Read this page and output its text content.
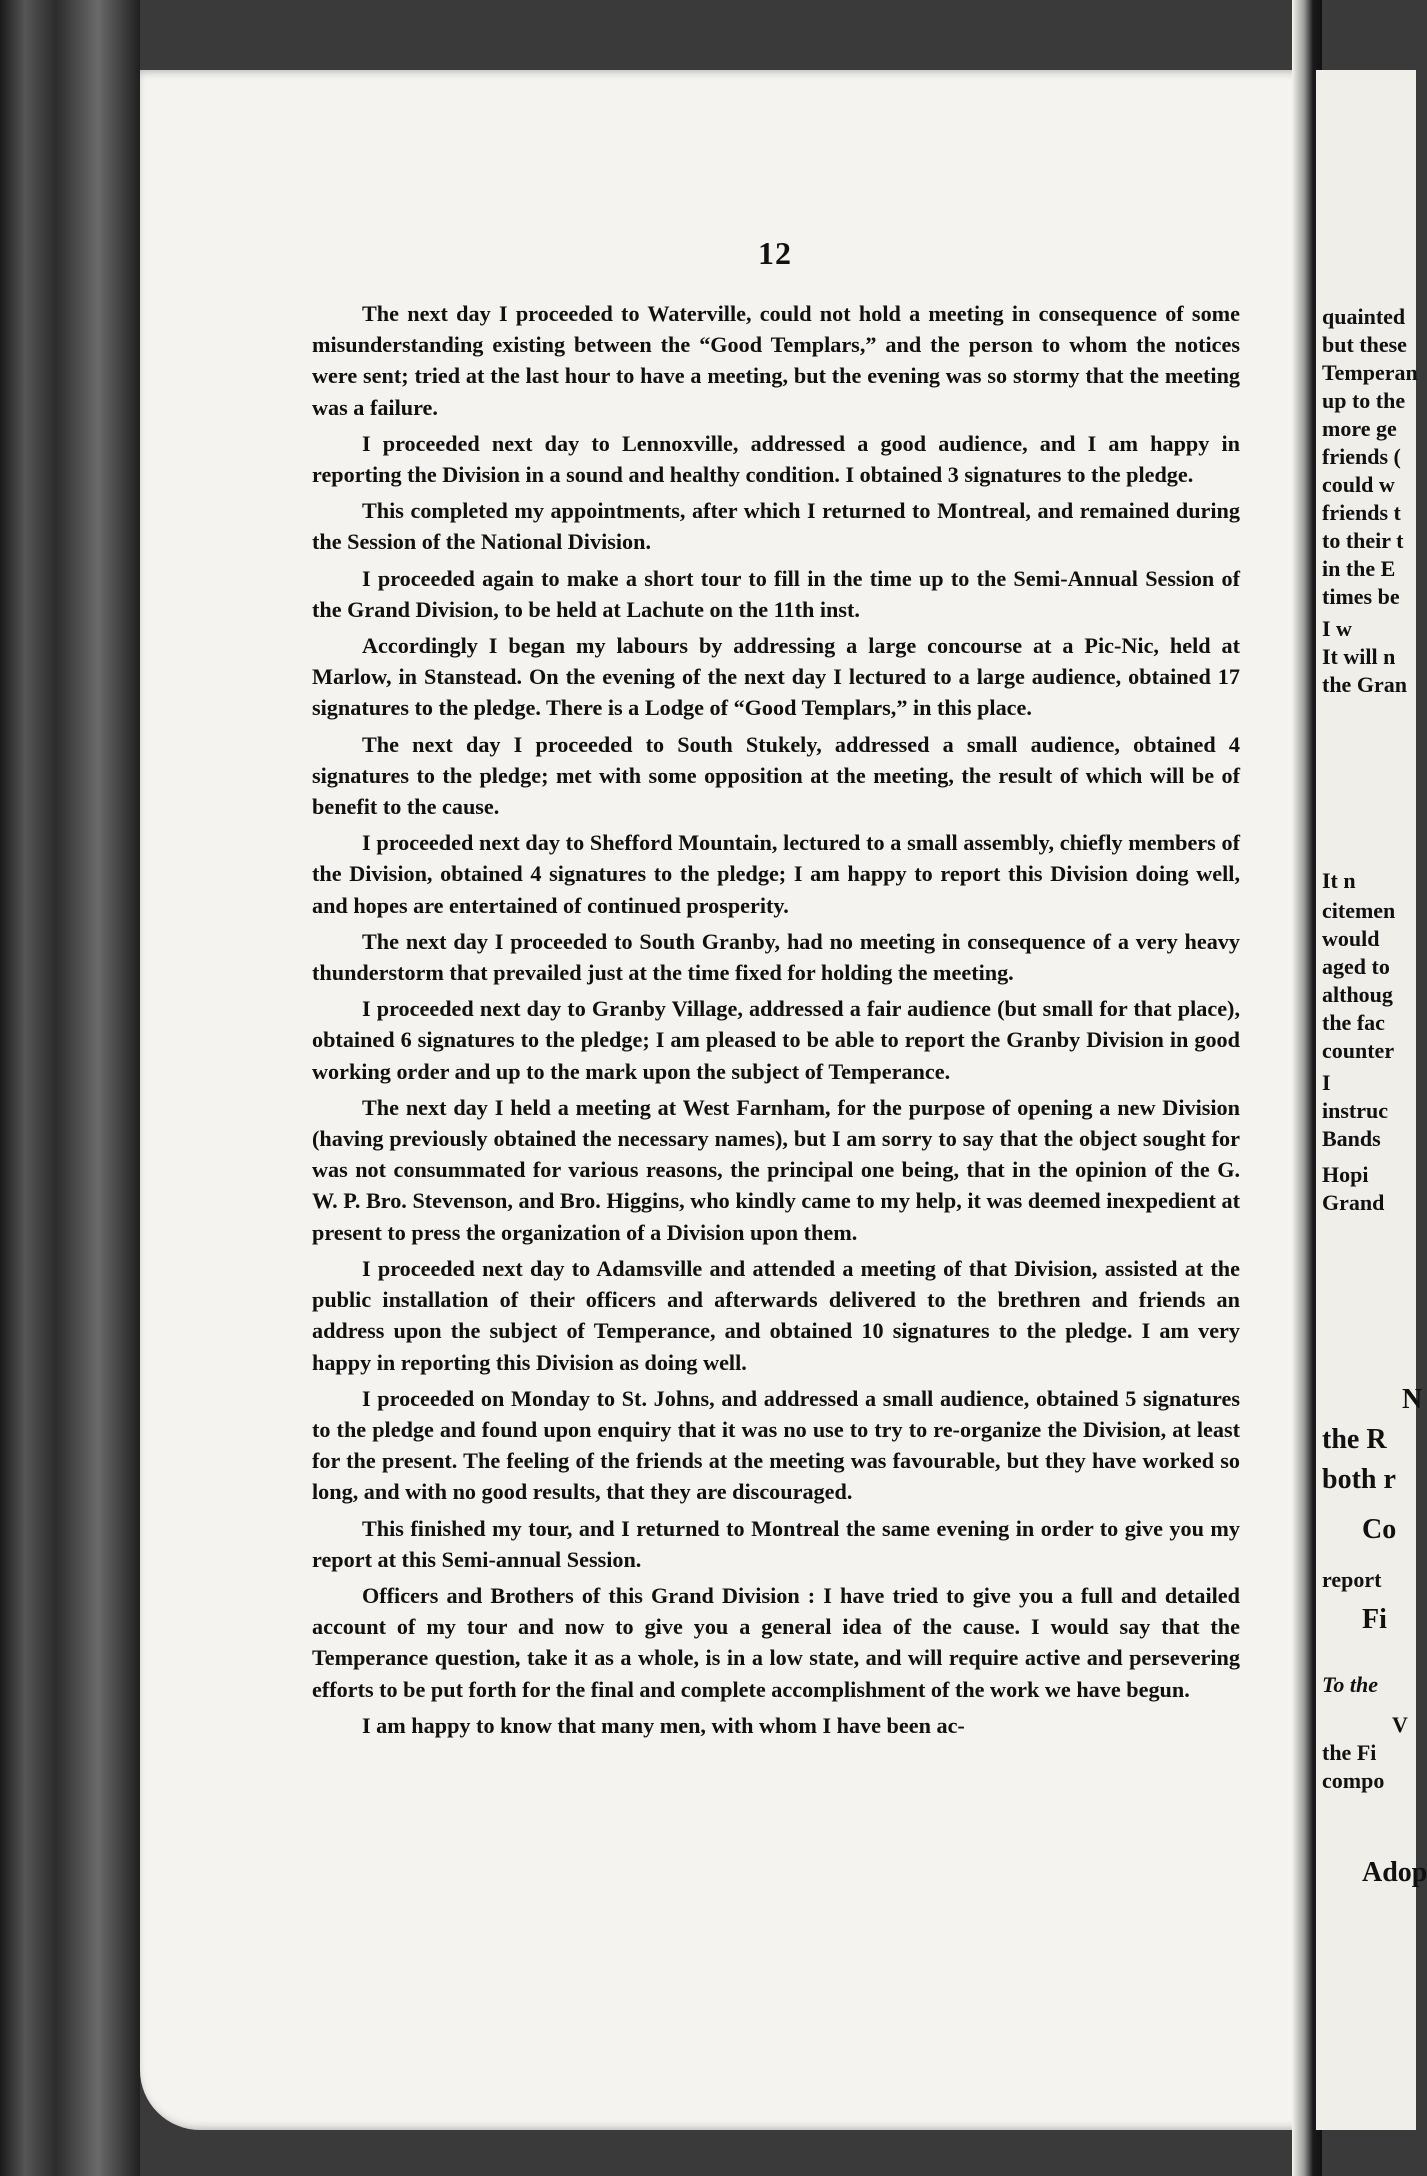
12

The next day I proceeded to Waterville, could not hold a meeting in consequence of some misunderstanding existing between the “Good Templars,” and the person to whom the notices were sent; tried at the last hour to have a meeting, but the evening was so stormy that the meeting was a failure.

I proceeded next day to Lennoxville, addressed a good audience, and I am happy in reporting the Division in a sound and healthy condition. I obtained 3 signatures to the pledge.

This completed my appointments, after which I returned to Montreal, and remained during the Session of the National Division.

I proceeded again to make a short tour to fill in the time up to the Semi-Annual Session of the Grand Division, to be held at Lachute on the 11th inst.

Accordingly I began my labours by addressing a large concourse at a Pic-Nic, held at Marlow, in Stanstead. On the evening of the next day I lectured to a large audience, obtained 17 signatures to the pledge. There is a Lodge of “Good Templars,” in this place.

The next day I proceeded to South Stukely, addressed a small audience, obtained 4 signatures to the pledge; met with some opposition at the meeting, the result of which will be of benefit to the cause.

I proceeded next day to Shefford Mountain, lectured to a small assembly, chiefly members of the Division, obtained 4 signatures to the pledge; I am happy to report this Division doing well, and hopes are entertained of continued prosperity.

The next day I proceeded to South Granby, had no meeting in consequence of a very heavy thunderstorm that prevailed just at the time fixed for holding the meeting.

I proceeded next day to Granby Village, addressed a fair audience (but small for that place), obtained 6 signatures to the pledge; I am pleased to be able to report the Granby Division in good working order and up to the mark upon the subject of Temperance.

The next day I held a meeting at West Farnham, for the purpose of opening a new Division (having previously obtained the necessary names), but I am sorry to say that the object sought for was not consummated for various reasons, the principal one being, that in the opinion of the G. W. P. Bro. Stevenson, and Bro. Higgins, who kindly came to my help, it was deemed inexpedient at present to press the organization of a Division upon them.

I proceeded next day to Adamsville and attended a meeting of that Division, assisted at the public installation of their officers and afterwards delivered to the brethren and friends an address upon the subject of Temperance, and obtained 10 signatures to the pledge. I am very happy in reporting this Division as doing well.

I proceeded on Monday to St. Johns, and addressed a small audience, obtained 5 signatures to the pledge and found upon enquiry that it was no use to try to re-organize the Division, at least for the present. The feeling of the friends at the meeting was favourable, but they have worked so long, and with no good results, that they are discouraged.

This finished my tour, and I returned to Montreal the same evening in order to give you my report at this Semi-annual Session.

Officers and Brothers of this Grand Division : I have tried to give you a full and detailed account of my tour and now to give you a general idea of the cause. I would say that the Temperance question, take it as a whole, is in a low state, and will require active and persevering efforts to be put forth for the final and complete accomplishment of the work we have begun.

I am happy to know that many men, with whom I have been ac-

quainted
but these
Temperan
up to the
more ge
friends (
could w
friends t
to their t
in the E
times be
I w
It will n
the Gran
It n
citemen
would
aged to
althoug
the fac
counter
I
instruc
Bands
Hopi
Grand
N
the R
both r
Co
report
Fi
To the
V
the Fi
compo
Adop
